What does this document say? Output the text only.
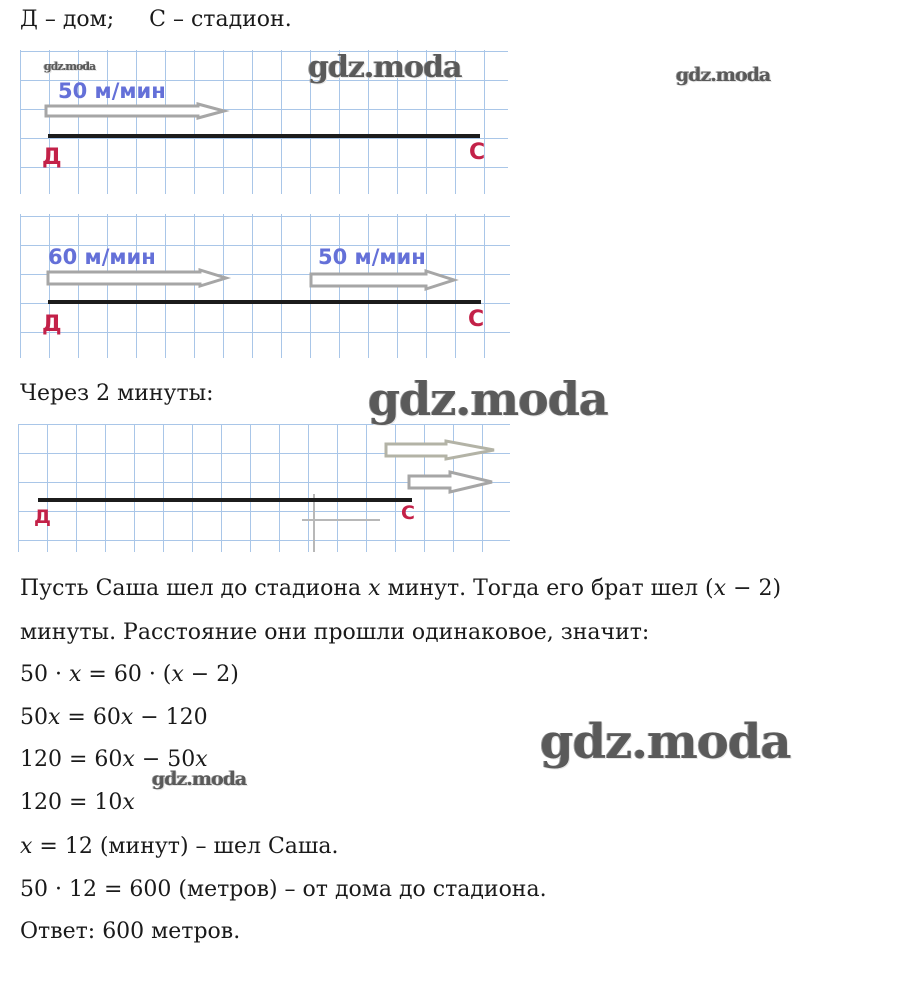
Д – дом; С – стадион.

50 м/мин
Д	С
60 м/мин	50 м/мин
Д	С

Через 2 минуты:

Д	С

Пусть Саша шел до стадиона x минут. Тогда его брат шел (x − 2)

минуты. Расстояние они прошли одинаковое, значит:

50 · x = 60 · (x − 2)

50x = 60x − 120

120 = 60x − 50x

120 = 10x

x = 12 (минут) – шел Саша.

50 · 12 = 600 (метров) – от дома до стадиона.

Ответ: 600 метров.

gdz.moda	gdz.moda	gdz.moda
gdz.moda
gdz.moda
gdz.moda
